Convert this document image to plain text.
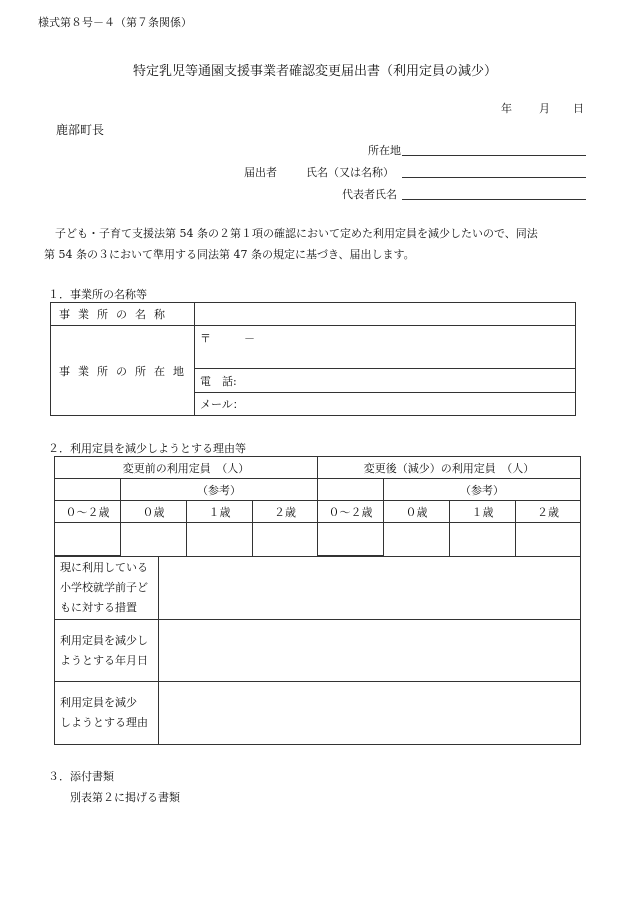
様式第８号－４（第７条関係）
特定乳児等通園支援事業者確認変更届出書（利用定員の減少）
年 月 日
鹿部町長
所在地
届出者	氏名（又は名称）
代表者氏名
　子ども・子育て支援法第 54 条の２第１項の確認において定めた利用定員を減少したいので、同法
第 54 条の３において準用する同法第 47 条の規定に基づき、届出します。
１．事業所の名称等
事業所の名称	
事業所の所在地	〒　　　－
	電　話:
	メール：
２．利用定員を減少しようとする理由等
変更前の利用定員　（人）		変更後（減少）の利用定員　（人）	
	（参考）		（参考）

０～２歳	０歳	１歳	２歳	０～２歳	０歳	１歳	２歳

現に利用している
小学校就学前子ど
もに対する措置	

利用定員を減少し
ようとする年月日	

利用定員を減少
しようとする理由	

３．添付書類
別表第２に掲げる書類
